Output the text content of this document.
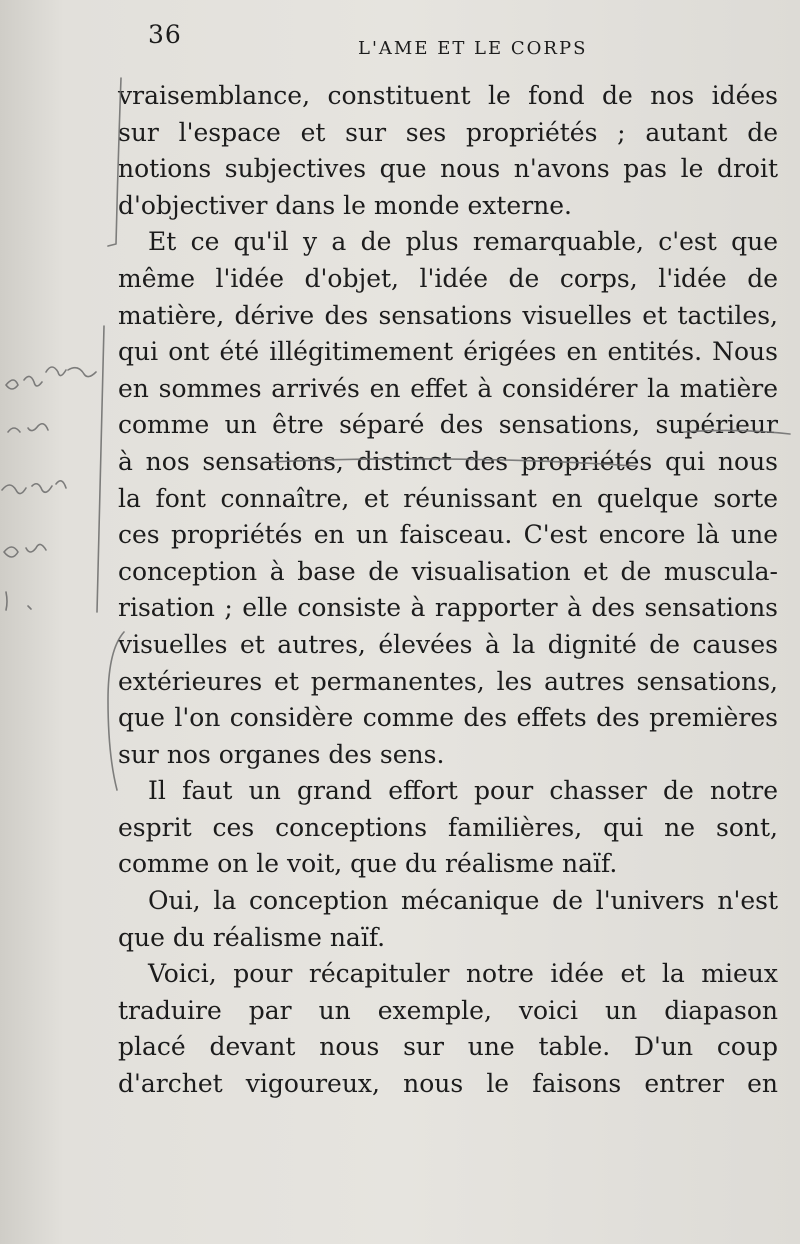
36	L'AME ET LE CORPS
vraisemblance, constituent le fond de nos idées
sur l'espace et sur ses propriétés ; autant de
notions subjectives que nous n'avons pas le droit
d'objectiver dans le monde externe.
Et ce qu'il y a de plus remarquable, c'est que
même l'idée d'objet, l'idée de corps, l'idée de
matière, dérive des sensations visuelles et tactiles,
qui ont été illégitimement érigées en entités. Nous
en sommes arrivés en effet à considérer la matière
comme un être séparé des sensations, supérieur
à nos sensations, distinct des propriétés qui nous
la font connaître, et réunissant en quelque sorte
ces propriétés en un faisceau. C'est encore là une
conception à base de visualisation et de muscula-
risation ; elle consiste à rapporter à des sensations
visuelles et autres, élevées à la dignité de causes
extérieures et permanentes, les autres sensations,
que l'on considère comme des effets des premières
sur nos organes des sens.
Il faut un grand effort pour chasser de notre
esprit ces conceptions familières, qui ne sont,
comme on le voit, que du réalisme naïf.
Oui, la conception mécanique de l'univers n'est
que du réalisme naïf.
Voici, pour récapituler notre idée et la mieux
traduire par un exemple, voici un diapason
placé devant nous sur une table. D'un coup
d'archet vigoureux, nous le faisons entrer en
